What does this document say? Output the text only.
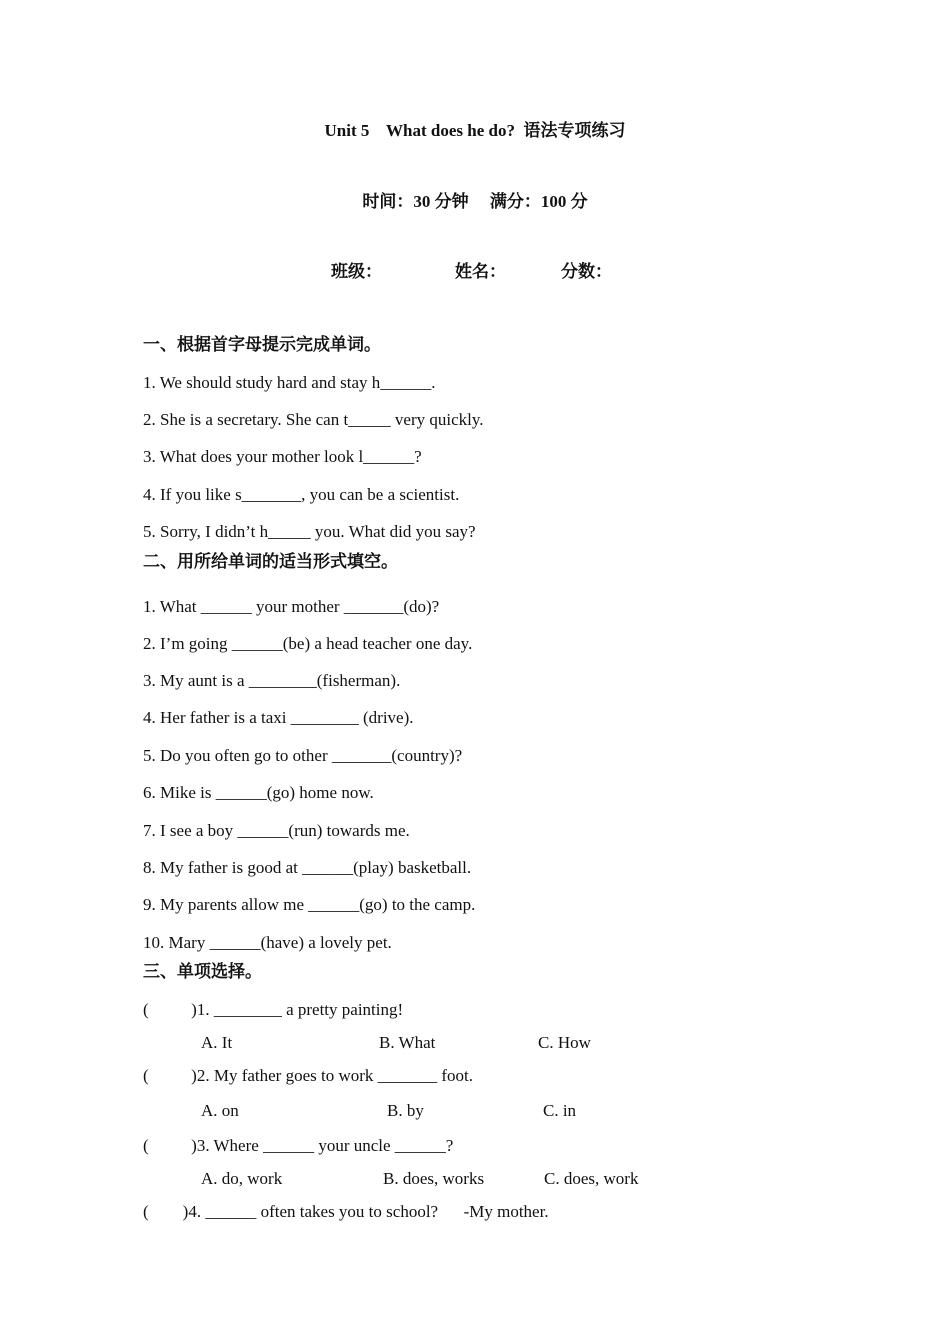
Unit 5    What does he do?  语法专项练习
时间：30 分钟     满分：100 分
班级：	姓名：	分数：
一、根据首字母提示完成单词。
1. We should study hard and stay h______.
2. She is a secretary. She can t_____ very quickly.
3. What does your mother look l______?
4. If you like s_______, you can be a scientist.
5. Sorry, I didn’t h_____ you. What did you say?
二、用所给单词的适当形式填空。
1. What ______ your mother _______(do)?
2. I’m going ______(be) a head teacher one day.
3. My aunt is a ________(fisherman).
4. Her father is a taxi ________ (drive).
5. Do you often go to other _______(country)?
6. Mike is ______(go) home now.
7. I see a boy ______(run) towards me.
8. My father is good at ______(play) basketball.
9. My parents allow me ______(go) to the camp.
10. Mary ______(have) a lovely pet.
三、单项选择。
(          )1. ________ a pretty painting!
A. It	B. What	C. How
(          )2. My father goes to work _______ foot.
A. on	B. by	C. in
(          )3. Where ______ your uncle ______?
A. do, work	B. does, works	C. does, work
(        )4. ______ often takes you to school?      -My mother.
